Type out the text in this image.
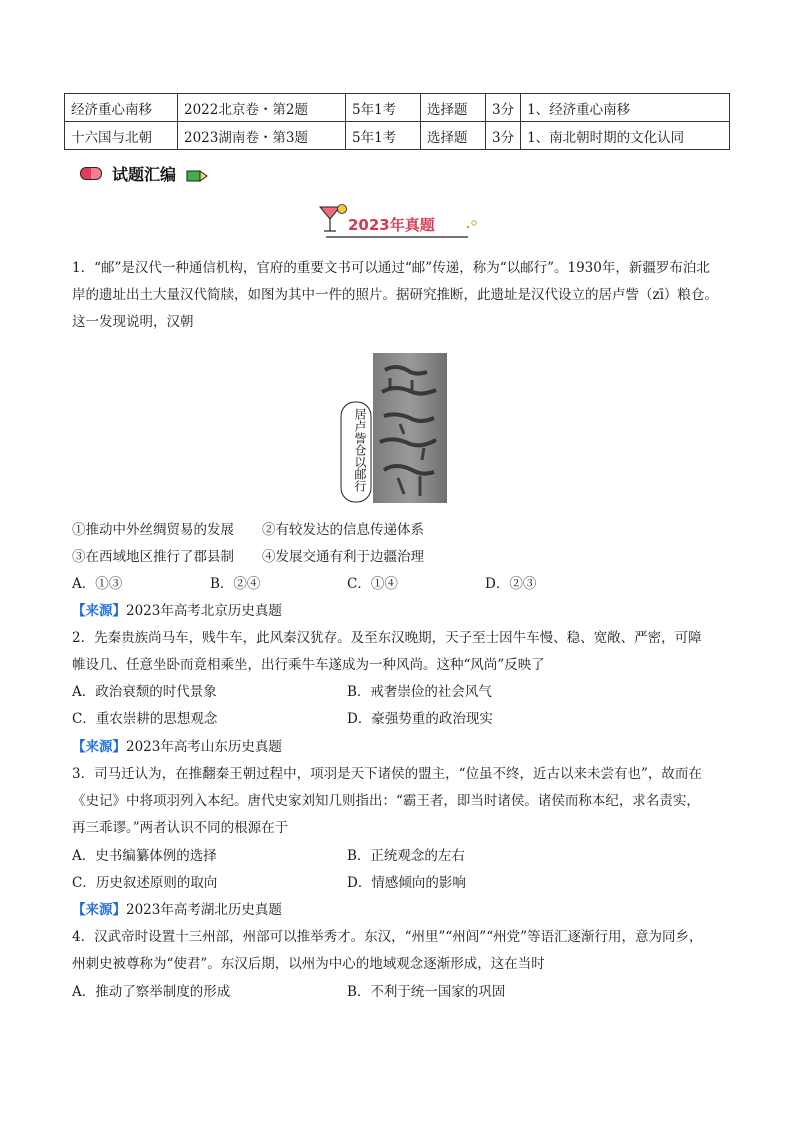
经济重心南移	2022北京卷・第2题	5年1考	选择题	3分	1、经济重心南移
十六国与北朝	2023湖南卷・第3题	5年1考	选择题	3分	1、南北朝时期的文化认同
试题汇编
2023年真题
1．“邮”是汉代一种通信机构，官府的重要文书可以通过“邮”传递，称为“以邮行”。1930年，新疆罗布泊北
岸的遗址出土大量汉代简牍，如图为其中一件的照片。据研究推断，此遗址是汉代设立的居卢訾（zī）粮仓。
这一发现说明，汉朝
居卢訾仓以邮行
①推动中外丝绸贸易的发展 ②有较发达的信息传递体系
③在西域地区推行了郡县制 ④发展交通有利于边疆治理
A．①③	B．②④	C．①④	D．②③
【来源】2023年高考北京历史真题
2．先秦贵族尚马车，贱牛车，此风秦汉犹存。及至东汉晚期，天子至士因牛车慢、稳、宽敞、严密，可障
帷设几、任意坐卧而竟相乘坐，出行乘牛车遂成为一种风尚。这种“风尚”反映了
A．政治衰颓的时代景象	B．戒奢崇俭的社会风气
C．重农崇耕的思想观念	D．豪强势重的政治现实
【来源】2023年高考山东历史真题
3．司马迁认为，在推翻秦王朝过程中，项羽是天下诸侯的盟主，“位虽不终，近古以来未尝有也”，故而在
《史记》中将项羽列入本纪。唐代史家刘知几则指出：“霸王者，即当时诸侯。诸侯而称本纪，求名责实，
再三乖谬。”两者认识不同的根源在于
A．史书编纂体例的选择	B．正统观念的左右
C．历史叙述原则的取向	D．情感倾向的影响
【来源】2023年高考湖北历史真题
4．汉武帝时设置十三州部，州部可以推举秀才。东汉，“州里”“州闾”“州党”等语汇逐渐行用，意为同乡，
州刺史被尊称为“使君”。东汉后期，以州为中心的地域观念逐渐形成，这在当时
A．推动了察举制度的形成	B．不利于统一国家的巩固
